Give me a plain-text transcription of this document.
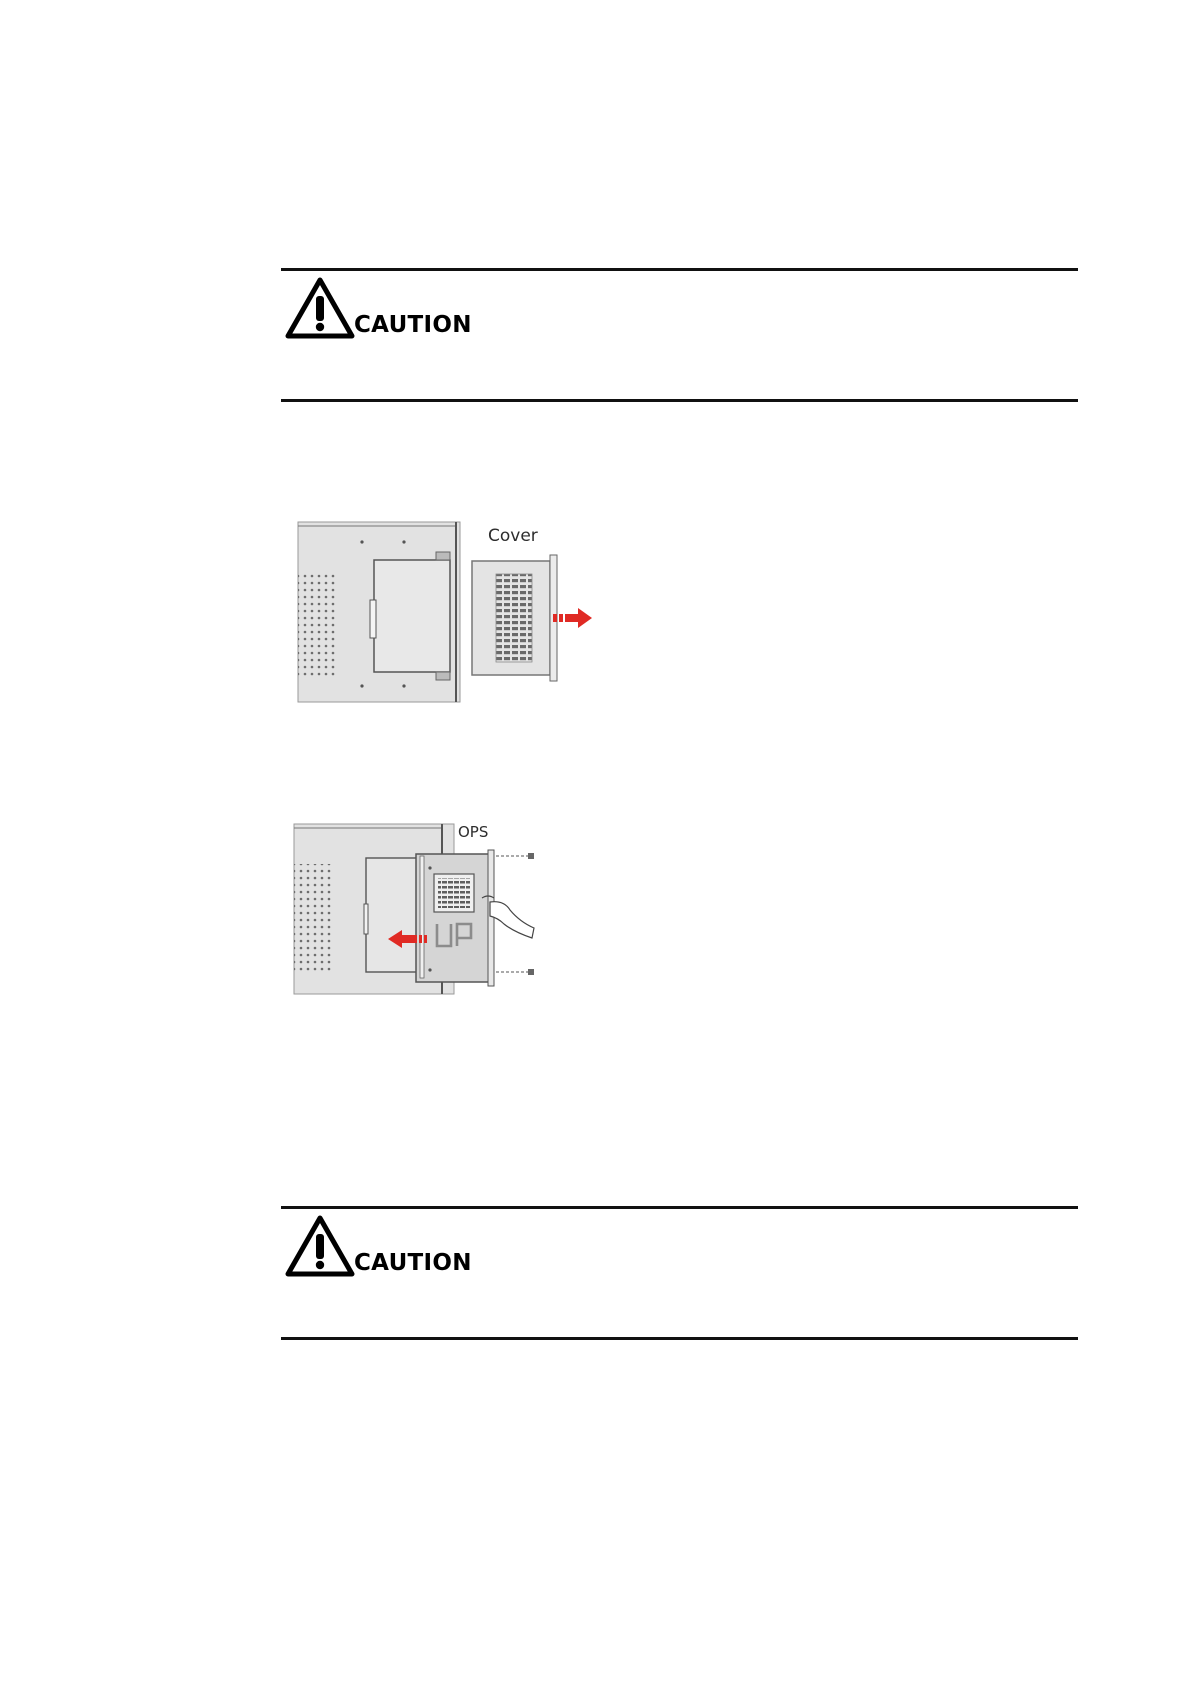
CAUTION
Cover
OPS
CAUTION
